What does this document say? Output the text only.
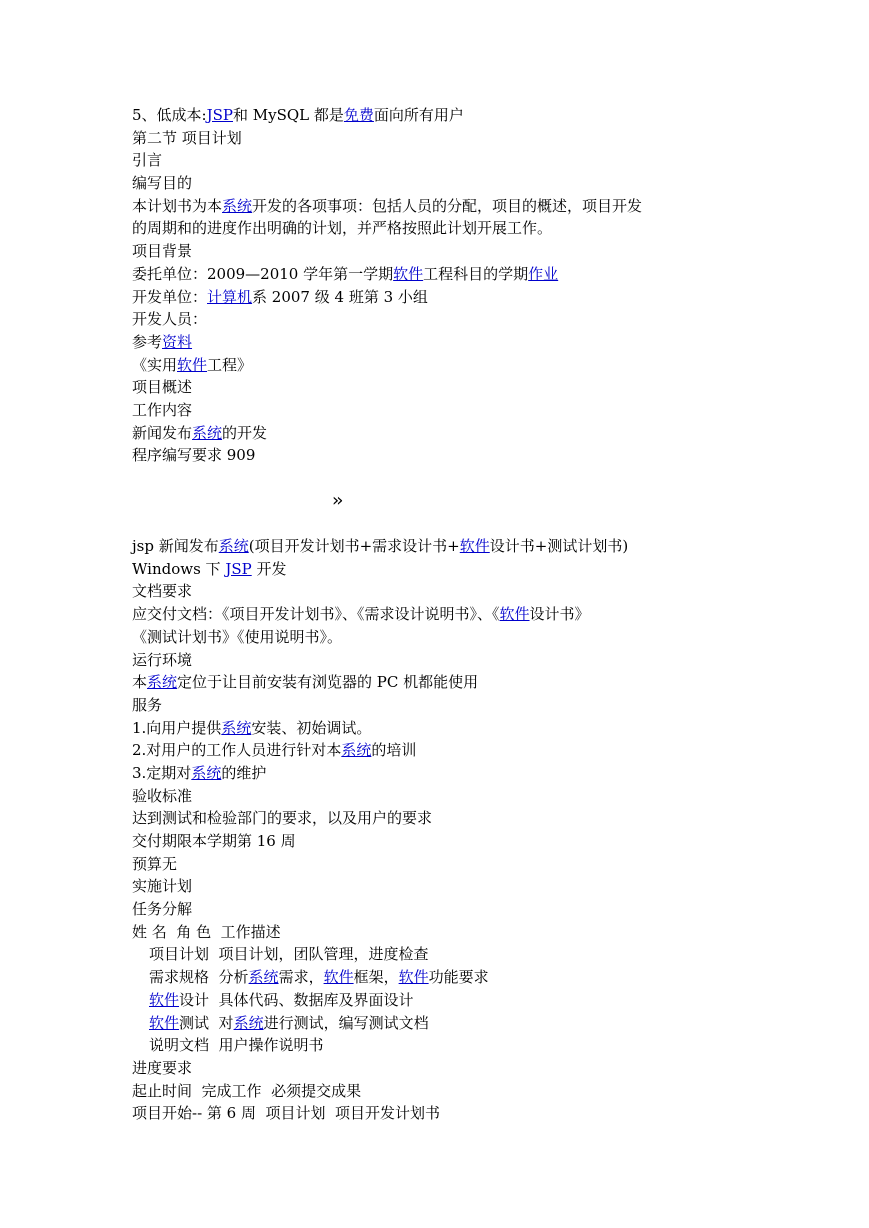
5、低成本:JSP和 MySQL 都是免费面向所有用户
第二节 项目计划
引言
编写目的
本计划书为本系统开发的各项事项：包括人员的分配，项目的概述，项目开发
的周期和的进度作出明确的计划，并严格按照此计划开展工作。
项目背景
委托单位：2009—2010 学年第一学期软件工程科目的学期作业
开发单位：计算机系 2007 级 4 班第 3 小组
开发人员：
参考资料
《实用软件工程》
项目概述
工作内容
新闻发布系统的开发
程序编写要求 909
››
jsp 新闻发布系统(项目开发计划书+需求设计书+软件设计书+测试计划书)
Windows 下 JSP 开发
文档要求
应交付文档：《项目开发计划书》、《需求设计说明书》、《软件设计书》
《测试计划书》《使用说明书》。
运行环境
本系统定位于让目前安装有浏览器的 PC 机都能使用
服务
1.向用户提供系统安装、初始调试。
2.对用户的工作人员进行针对本系统的培训
3.定期对系统的维护
验收标准
达到测试和检验部门的要求，以及用户的要求
交付期限本学期第 16 周
预算无
实施计划
任务分解
姓 名  角 色  工作描述
项目计划  项目计划，团队管理，进度检查
需求规格  分析系统需求，软件框架，软件功能要求
软件设计  具体代码、数据库及界面设计
软件测试  对系统进行测试，编写测试文档
说明文档  用户操作说明书
进度要求
起止时间  完成工作  必须提交成果
项目开始-- 第 6 周  项目计划  项目开发计划书
